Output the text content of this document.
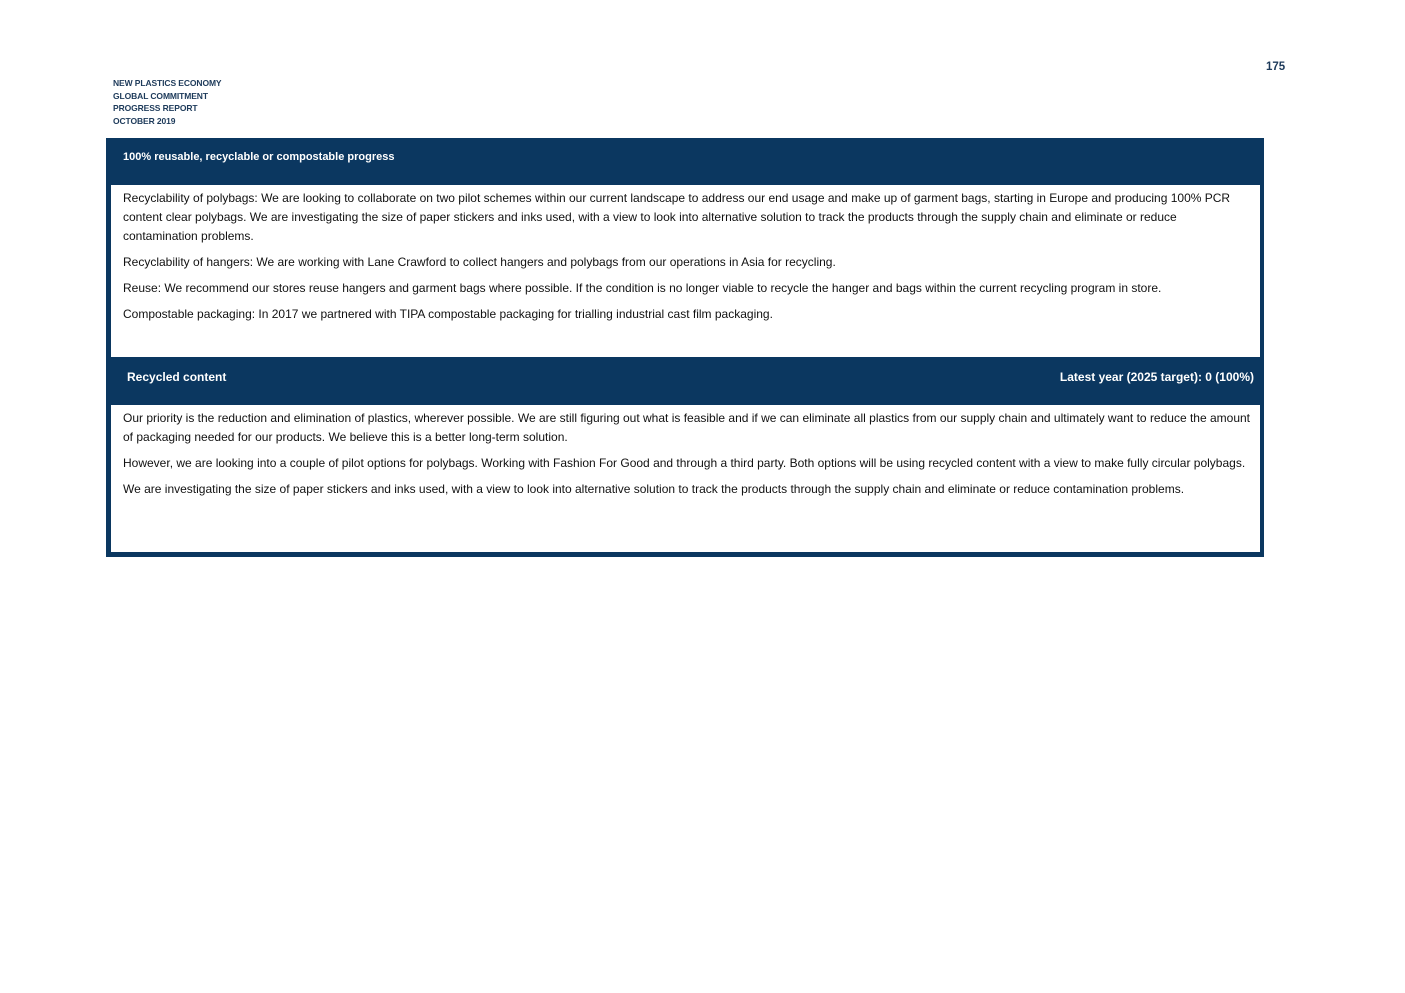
NEW PLASTICS ECONOMY
GLOBAL COMMITMENT
PROGRESS REPORT
OCTOBER 2019
175
100% reusable, recyclable or compostable progress

Recyclability of polybags: We are looking to collaborate on two pilot schemes within our current landscape to address our end usage and make up of garment bags, starting in Europe and producing 100% PCR content clear polybags. We are investigating the size of paper stickers and inks used, with a view to look into alternative solution to track the products through the supply chain and eliminate or reduce contamination problems.

Recyclability of hangers: We are working with Lane Crawford to collect hangers and polybags from our operations in Asia for recycling.

Reuse: We recommend our stores reuse hangers and garment bags where possible. If the condition is no longer viable to recycle the hanger and bags within the current recycling program in store.

Compostable packaging: In 2017 we partnered with TIPA compostable packaging for trialling industrial cast film packaging.

Recycled content	Latest year (2025 target): 0 (100%)

Our priority is the reduction and elimination of plastics, wherever possible. We are still figuring out what is feasible and if we can eliminate all plastics from our supply chain and ultimately want to reduce the amount of packaging needed for our products. We believe this is a better long-term solution.

However, we are looking into a couple of pilot options for polybags. Working with Fashion For Good and through a third party. Both options will be using recycled content with a view to make fully circular polybags.

We are investigating the size of paper stickers and inks used, with a view to look into alternative solution to track the products through the supply chain and eliminate or reduce contamination problems.
